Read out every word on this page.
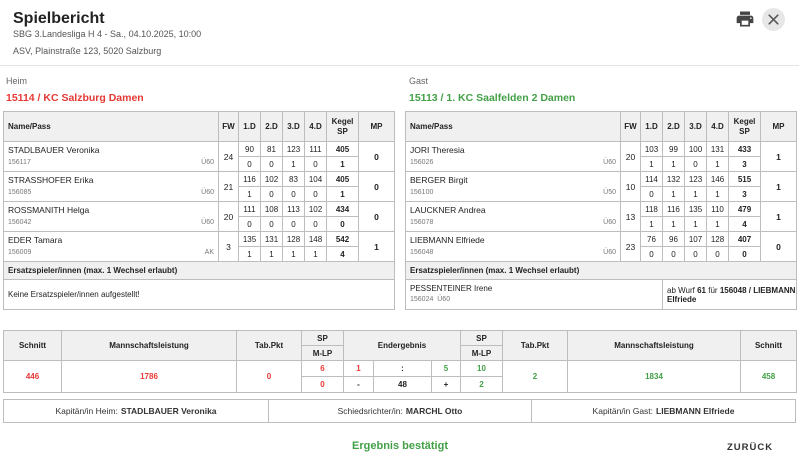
Spielbericht
SBG 3.Landesliga H 4 - Sa., 04.10.2025, 10:00
ASV, Plainstraße 123, 5020 Salzburg
Heim
15114 / KC Salzburg Damen
Gast
15113 / 1. KC Saalfelden 2 Damen
Name/Pass	FW	1.D	2.D	3.D	4.D	Kegel
SP	MP

STADLBAUER Veronika
156117 Ü60	24	90	81	123	111	405	0
		0	0	1	0	1	

STRASSHOFER Erika
156085 Ü60	21	116	102	83	104	405	0
		1	0	0	0	1	

ROSSMANITH Helga
156042 Ü60	20	111	108	113	102	434	0
		0	0	0	0	0	

EDER Tamara
156009 AK	3	135	131	128	148	542	1
		1	1	1	1	4	
Ersatzspieler/innen (max. 1 Wechsel erlaubt)							
Keine Ersatzspieler/innen aufgestellt!							
Name/Pass	FW	1.D	2.D	3.D	4.D	Kegel
SP	MP

JORI Theresia
156026 Ü60	20	103	99	100	131	433	1
		1	1	0	1	3	

BERGER Birgit
156100 Ü50	10	114	132	123	146	515	1
		0	1	1	1	3	

LAUCKNER Andrea
156078 Ü60	13	118	116	135	110	479	1
		1	1	1	1	4	

LIEBMANN Elfriede
156048 Ü60	23	76	96	107	128	407	0
		0	0	0	0	0	
Ersatzspieler/innen (max. 1 Wechsel erlaubt)							

PESSENTEINER Irene
156024 Ü60			ab Wurf 61 für 156048 / LIEBMANN Elfriede				
Schnitt	Mannschaftsleistung	Tab.Pkt	SP	Endergebnis			SP	Tab.Pkt	Mannschaftsleistung	Schnitt
			M-LP				M-LP			
446	1786	0	6	1	:	5	10	2	1834	458
			0	-	48	+	2			
Kapitän/in Heim: STADLBAUER Veronika	Schiedsrichter/in: MARCHL Otto	Kapitän/in Gast: LIEBMANN Elfriede
Ergebnis bestätigt	ZURÜCK
